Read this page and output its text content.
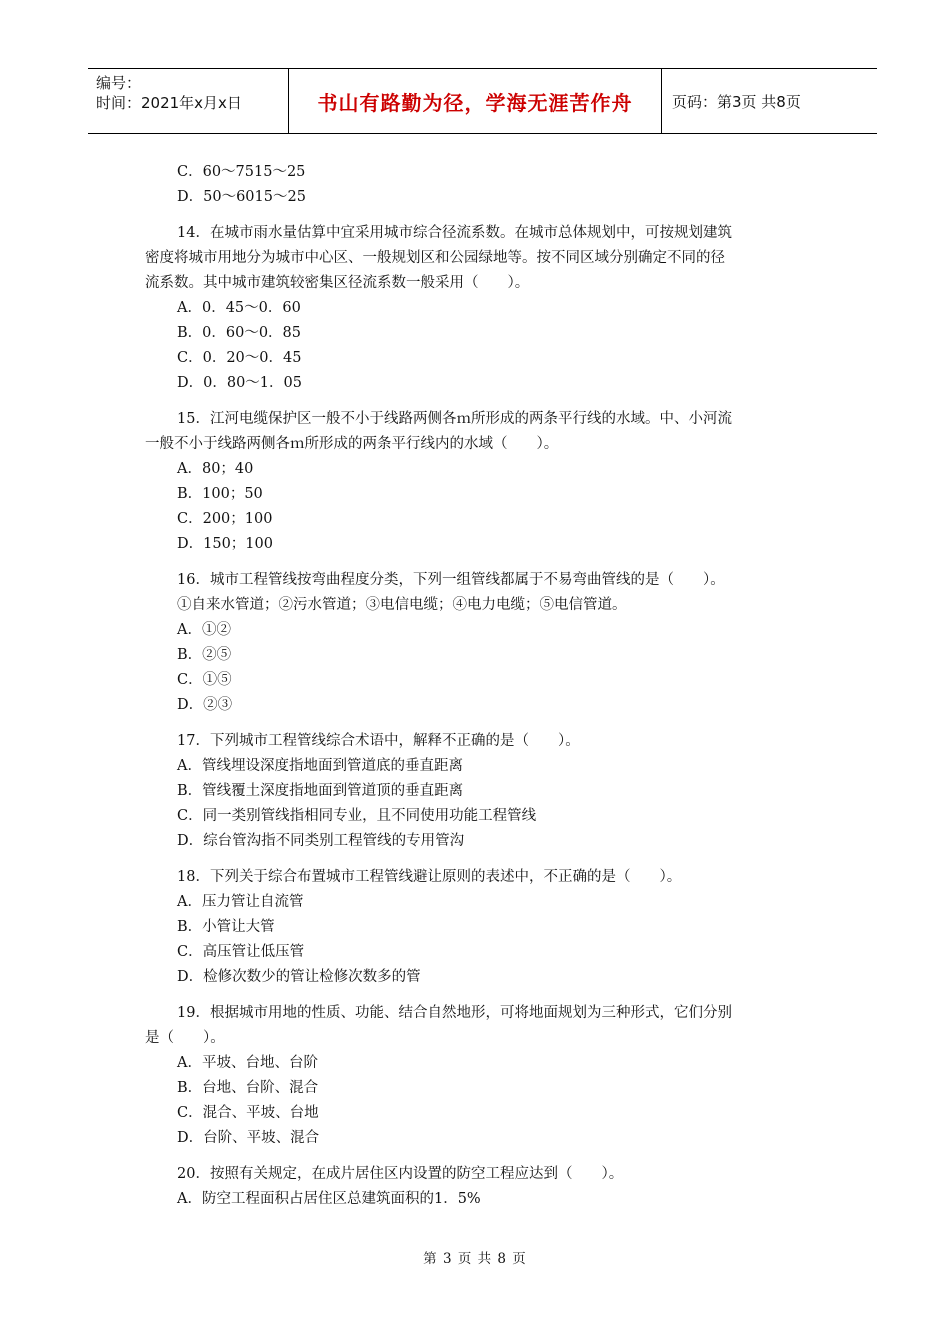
编号：
时间：2021年x月x日	书山有路勤为径，学海无涯苦作舟	页码：第3页 共8页
C．60～7515～25
D．50～6015～25
14．在城市雨水量估算中宜采用城市综合径流系数。在城市总体规划中，可按规划建筑
密度将城市用地分为城市中心区、一般规划区和公园绿地等。按不同区域分别确定不同的径
流系数。其中城市建筑较密集区径流系数一般采用（　　）。
A．0．45～0．60
B．0．60～0．85
C．0．20～0．45
D．0．80～1．05
15．江河电缆保护区一般不小于线路两侧各ｍ所形成的两条平行线的水域。中、小河流
一般不小于线路两侧各ｍ所形成的两条平行线内的水域（　　）。
A．80；40
B．100；50
C．200；100
D．150；100
16．城市工程管线按弯曲程度分类，下列一组管线都属于不易弯曲管线的是（　　）。
①自来水管道；②污水管道；③电信电缆；④电力电缆；⑤电信管道。
A．①②
B．②⑤
C．①⑤
D．②③
17．下列城市工程管线综合术语中，解释不正确的是（　　）。
A．管线埋设深度指地面到管道底的垂直距离
B．管线覆土深度指地面到管道顶的垂直距离
C．同一类别管线指相同专业，且不同使用功能工程管线
D．综台管沟指不同类别工程管线的专用管沟
18．下列关于综合布置城市工程管线避让原则的表述中，不正确的是（　　）。
A．压力管让自流管
B．小管让大管
C．高压管让低压管
D．检修次数少的管让检修次数多的管
19．根据城市用地的性质、功能、结合自然地形，可将地面规划为三种形式，它们分别
是（　　）。
A．平坡、台地、台阶
B．台地、台阶、混合
C．混合、平坡、台地
D．台阶、平坡、混合
20．按照有关规定，在成片居住区内设置的防空工程应达到（　　）。
A．防空工程面积占居住区总建筑面积的1．5%
第 3 页 共 8 页
